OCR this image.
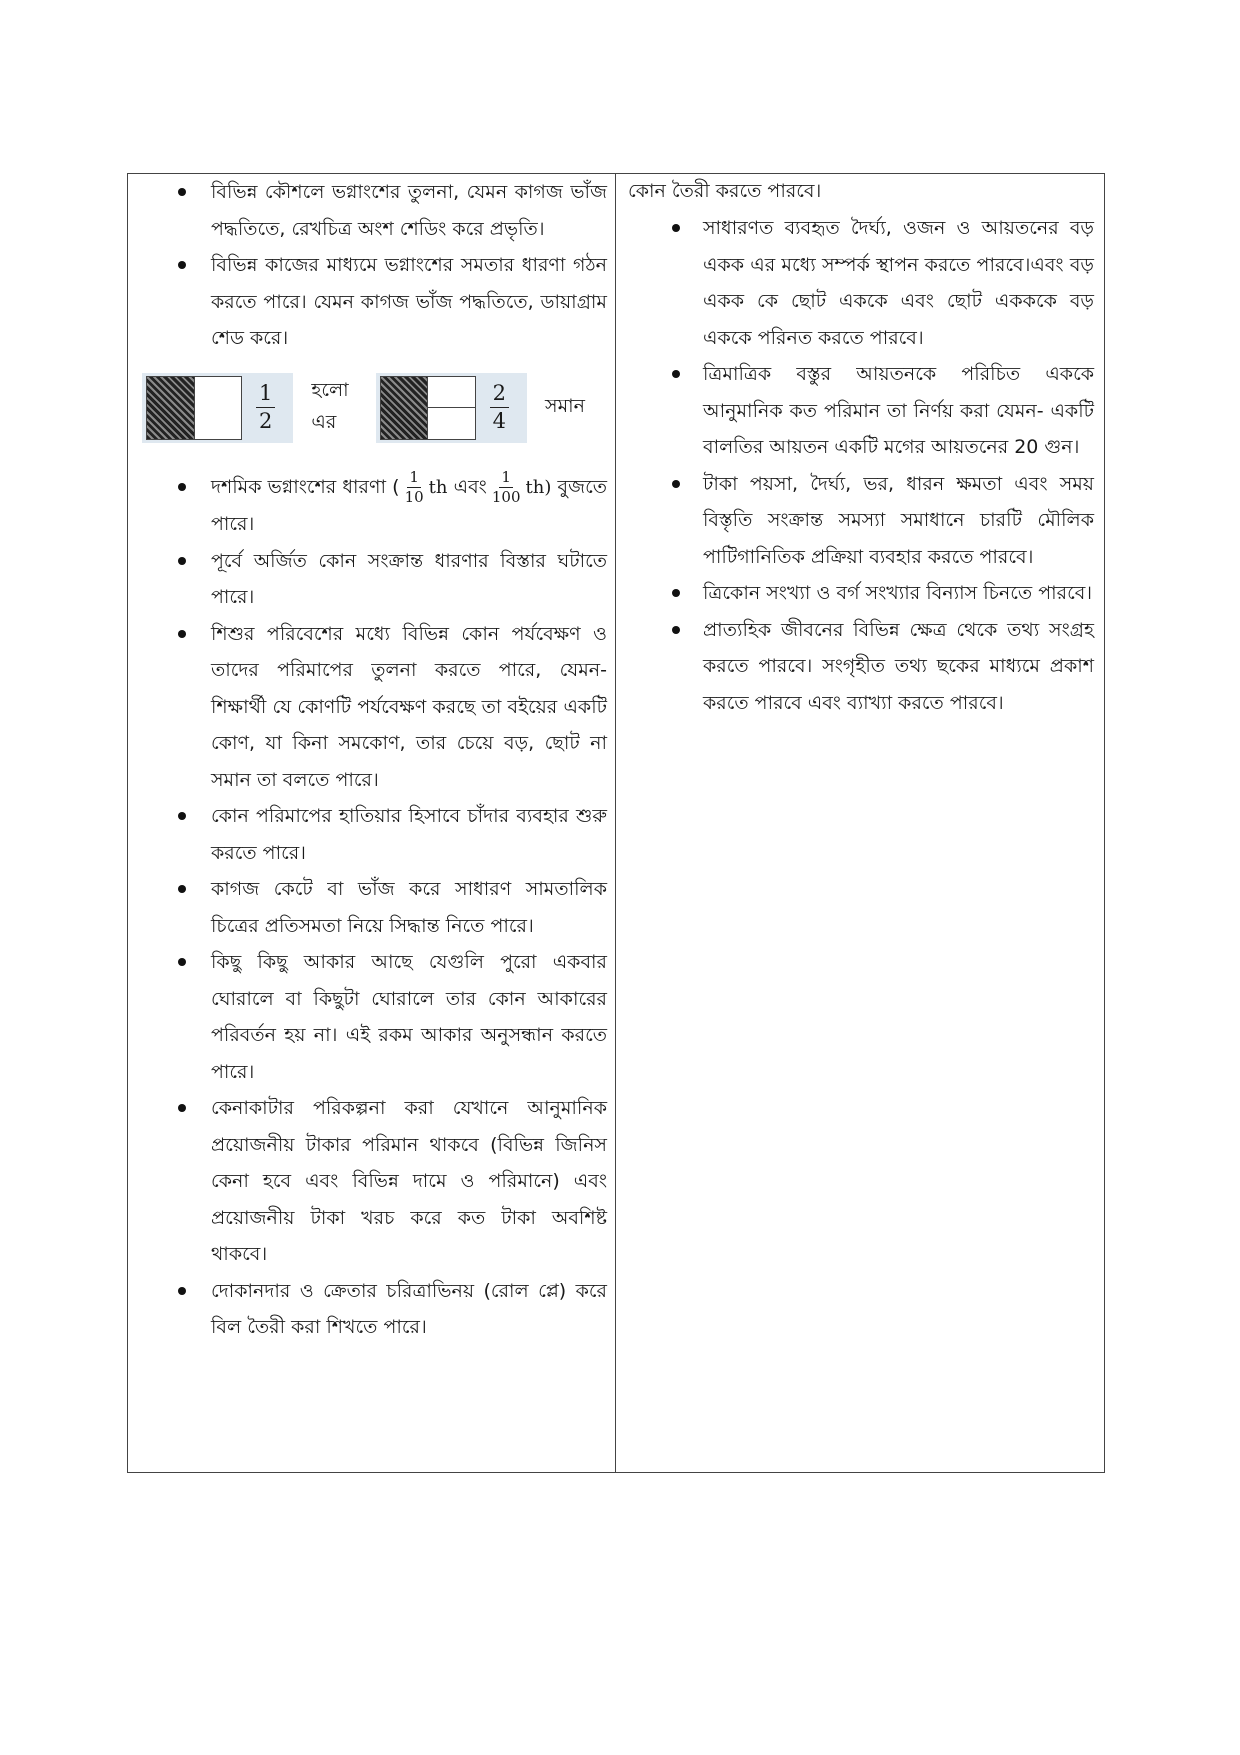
বিভিন্ন কৌশলে ভগ্নাংশের তুলনা, যেমন কাগজ ভাঁজ পদ্ধতিতে, রেখচিত্র অংশ শেডিং করে প্রভৃতি।
বিভিন্ন কাজের মাধ্যমে ভগ্নাংশের সমতার ধারণা গঠন করতে পারে। যেমন কাগজ ভাঁজ পদ্ধতিতে, ডায়াগ্রাম শেড করে।
$\frac{1}{2}$ হলো এর	$\frac{2}{4}$ সমান
দশমিক ভগ্নাংশের ধারণা ( $\frac{1}{10}$ th এবং $\frac{1}{100} th$) বুজতে পারে।
পূর্বে অর্জিত কোন সংক্রান্ত ধারণার বিস্তার ঘটাতে পারে।
শিশুর পরিবেশের মধ্যে বিভিন্ন কোন পর্যবেক্ষণ ও তাদের পরিমাপের তুলনা করতে পারে, যেমন- শিক্ষার্থী যে কোণটি পর্যবেক্ষণ করছে তা বইয়ের একটি কোণ, যা কিনা সমকোণ, তার চেয়ে বড়, ছোট না সমান তা বলতে পারে।
কোন পরিমাপের হাতিয়ার হিসাবে চাঁদার ব্যবহার শুরু করতে পারে।
কাগজ কেটে বা ভাঁজ করে সাধারণ সামতালিক চিত্রের প্রতিসমতা নিয়ে সিদ্ধান্ত নিতে পারে।
কিছু কিছু আকার আছে যেগুলি পুরো একবার ঘোরালে বা কিছুটা ঘোরালে তার কোন আকারের পরিবর্তন হয় না। এই রকম আকার অনুসন্ধান করতে পারে।
কেনাকাটার পরিকল্পনা করা যেখানে আনুমানিক প্রয়োজনীয় টাকার পরিমান থাকবে (বিভিন্ন জিনিস কেনা হবে এবং বিভিন্ন দামে ও পরিমানে) এবং প্রয়োজনীয় টাকা খরচ করে কত টাকা অবশিষ্ট থাকবে।
দোকানদার ও ক্রেতার চরিত্রাভিনয় (রোল প্লে) করে বিল তৈরী করা শিখতে পারে।
কোন তৈরী করতে পারবে।
সাধারণত ব্যবহৃত দৈর্ঘ্য, ওজন ও আয়তনের বড় একক এর মধ্যে সম্পর্ক স্থাপন করতে পারবে।এবং বড় একক কে ছোট এককে এবং ছোট একককে বড় এককে পরিনত করতে পারবে।
ত্রিমাত্রিক বস্তুর আয়তনকে পরিচিত এককে আনুমানিক কত পরিমান তা নির্ণয় করা যেমন- একটি বালতির আয়তন একটি মগের আয়তনের 20 গুন।
টাকা পয়সা, দৈর্ঘ্য, ভর, ধারন ক্ষমতা এবং সময় বিস্তৃতি সংক্রান্ত সমস্যা সমাধানে চারটি মৌলিক পাটিগানিতিক প্রক্রিয়া ব্যবহার করতে পারবে।
ত্রিকোন সংখ্যা ও বর্গ সংখ্যার বিন্যাস চিনতে পারবে।
প্রাত্যহিক জীবনের বিভিন্ন ক্ষেত্র থেকে তথ্য সংগ্রহ করতে পারবে। সংগৃহীত তথ্য ছকের মাধ্যমে প্রকাশ করতে পারবে এবং ব্যাখ্যা করতে পারবে।
